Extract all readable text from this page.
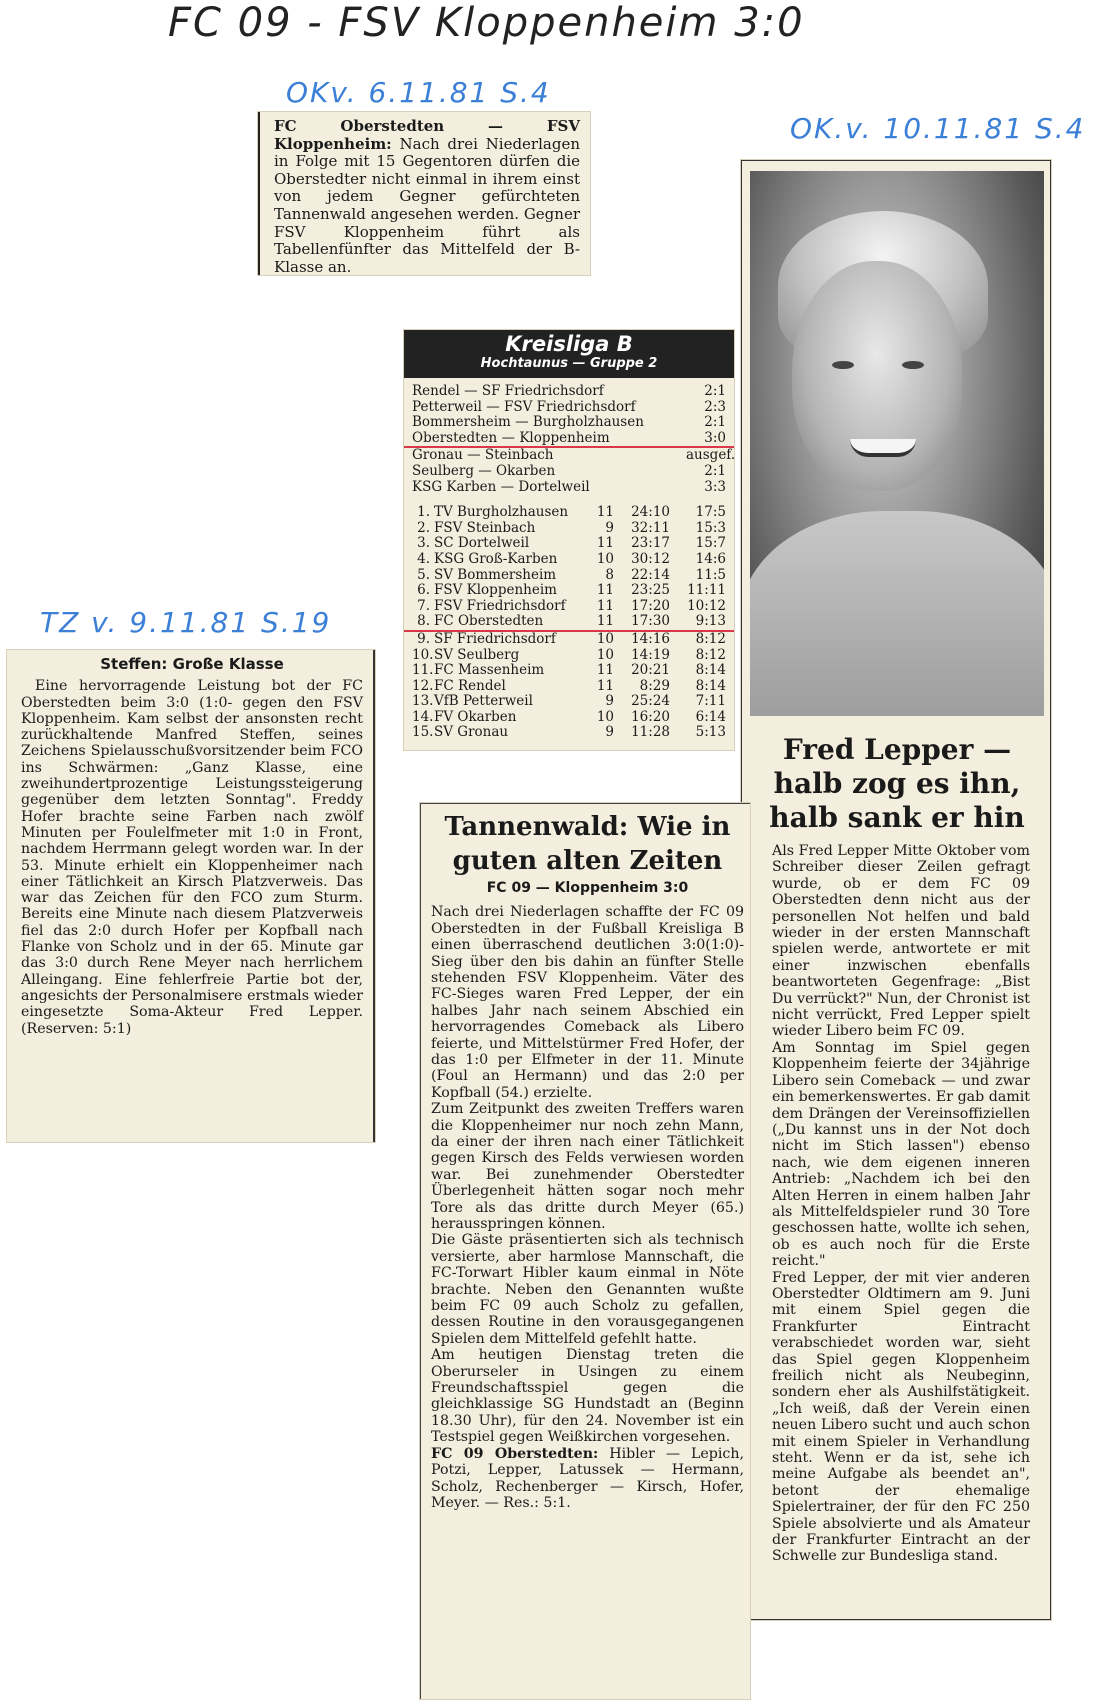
FC 09 - FSV Kloppenheim 3:0
OKv. 6.11.81 S.4
OK.v. 10.11.81 S.4
TZ v. 9.11.81 S.19

FC Oberstedten — FSV Kloppenheim: Nach drei Niederlagen in Folge mit 15 Gegentoren dürfen die Oberstedter nicht einmal in ihrem einst von jedem Gegner gefürchteten Tannenwald angesehen werden. Gegner FSV Kloppenheim führt als Tabellenfünfter das Mittelfeld der B-Klasse an.

Kreisliga B
Hochtaunus — Gruppe 2
Rendel — SF Friedrichsdorf	2:1
Petterweil — FSV Friedrichsdorf	2:3
Bommersheim — Burgholzhausen	2:1
Oberstedten — Kloppenheim	3:0
Gronau — Steinbach	ausgef.
Seulberg — Okarben	2:1
KSG Karben — Dortelweil	3:3
1. TV Burgholzhausen	11	24:10	17:5
2. FSV Steinbach	9	32:11	15:3
3. SC Dortelweil	11	23:17	15:7
4. KSG Groß-Karben	10	30:12	14:6
5. SV Bommersheim	8	22:14	11:5
6. FSV Kloppenheim	11	23:25	11:11
7. FSV Friedrichsdorf	11	17:20	10:12
8. FC Oberstedten	11	17:30	9:13
9. SF Friedrichsdorf	10	14:16	8:12
10. SV Seulberg	10	14:19	8:12
11. FC Massenheim	11	20:21	8:14
12. FC Rendel	11	8:29	8:14
13. VfB Petterweil	9	25:24	7:11
14. FV Okarben	10	16:20	6:14
15. SV Gronau	9	11:28	5:13
Fred Lepper — halb zog es ihn, halb sank er hin

Als Fred Lepper Mitte Oktober vom Schreiber dieser Zeilen gefragt wurde, ob er dem FC 09 Oberstedten denn nicht aus der personellen Not helfen und bald wieder in der ersten Mannschaft spielen werde, antwortete er mit einer inzwischen ebenfalls beantworteten Gegenfrage: „Bist Du verrückt?" Nun, der Chronist ist nicht verrückt, Fred Lepper spielt wieder Libero beim FC 09.

Am Sonntag im Spiel gegen Kloppenheim feierte der 34jährige Libero sein Comeback — und zwar ein bemerkenswertes. Er gab damit dem Drängen der Vereinsoffiziellen („Du kannst uns in der Not doch nicht im Stich lassen") ebenso nach, wie dem eigenen inneren Antrieb: „Nachdem ich bei den Alten Herren in einem halben Jahr als Mittelfeldspieler rund 30 Tore geschossen hatte, wollte ich sehen, ob es auch noch für die Erste reicht."

Fred Lepper, der mit vier anderen Oberstedter Oldtimern am 9. Juni mit einem Spiel gegen die Frankfurter Eintracht verabschiedet worden war, sieht das Spiel gegen Kloppenheim freilich nicht als Neubeginn, sondern eher als Aushilfstätigkeit. „Ich weiß, daß der Verein einen neuen Libero sucht und auch schon mit einem Spieler in Verhandlung steht. Wenn er da ist, sehe ich meine Aufgabe als beendet an", betont der ehemalige Spielertrainer, der für den FC 250 Spiele absolvierte und als Amateur der Frankfurter Eintracht an der Schwelle zur Bundesliga stand.

Steffen: Große Klasse

Eine hervorragende Leistung bot der FC Oberstedten beim 3:0 (1:0- gegen den FSV Kloppenheim. Kam selbst der ansonsten recht zurückhaltende Manfred Steffen, seines Zeichens Spielausschußvorsitzender beim FCO ins Schwärmen: „Ganz Klasse, eine zweihundertprozentige Leistungssteigerung gegenüber dem letzten Sonntag". Freddy Hofer brachte seine Farben nach zwölf Minuten per Foulelfmeter mit 1:0 in Front, nachdem Herrmann gelegt worden war. In der 53. Minute erhielt ein Kloppenheimer nach einer Tätlichkeit an Kirsch Platzverweis. Das war das Zeichen für den FCO zum Sturm. Bereits eine Minute nach diesem Platzverweis fiel das 2:0 durch Hofer per Kopfball nach Flanke von Scholz und in der 65. Minute gar das 3:0 durch Rene Meyer nach herrlichem Alleingang. Eine fehlerfreie Partie bot der, angesichts der Personalmisere erstmals wieder eingesetzte Soma-Akteur Fred Lepper. (Reserven: 5:1)

Tannenwald: Wie in guten alten Zeiten
FC 09 — Kloppenheim 3:0

Nach drei Niederlagen schaffte der FC 09 Oberstedten in der Fußball Kreisliga B einen überraschend deutlichen 3:0(1:0)-Sieg über den bis dahin an fünfter Stelle stehenden FSV Kloppenheim. Väter des FC-Sieges waren Fred Lepper, der ein halbes Jahr nach seinem Abschied ein hervorragendes Comeback als Libero feierte, und Mittelstürmer Fred Hofer, der das 1:0 per Elfmeter in der 11. Minute (Foul an Hermann) und das 2:0 per Kopfball (54.) erzielte.

Zum Zeitpunkt des zweiten Treffers waren die Kloppenheimer nur noch zehn Mann, da einer der ihren nach einer Tätlichkeit gegen Kirsch des Felds verwiesen worden war. Bei zunehmender Oberstedter Überlegenheit hätten sogar noch mehr Tore als das dritte durch Meyer (65.) herausspringen können.

Die Gäste präsentierten sich als technisch versierte, aber harmlose Mannschaft, die FC-Torwart Hibler kaum einmal in Nöte brachte. Neben den Genannten wußte beim FC 09 auch Scholz zu gefallen, dessen Routine in den vorausgegangenen Spielen dem Mittelfeld gefehlt hatte.

Am heutigen Dienstag treten die Oberurseler in Usingen zu einem Freundschaftsspiel gegen die gleichklassige SG Hundstadt an (Beginn 18.30 Uhr), für den 24. November ist ein Testspiel gegen Weißkirchen vorgesehen.

FC 09 Oberstedten: Hibler — Lepich, Potzi, Lepper, Latussek — Hermann, Scholz, Rechenberger — Kirsch, Hofer, Meyer. — Res.: 5:1.
